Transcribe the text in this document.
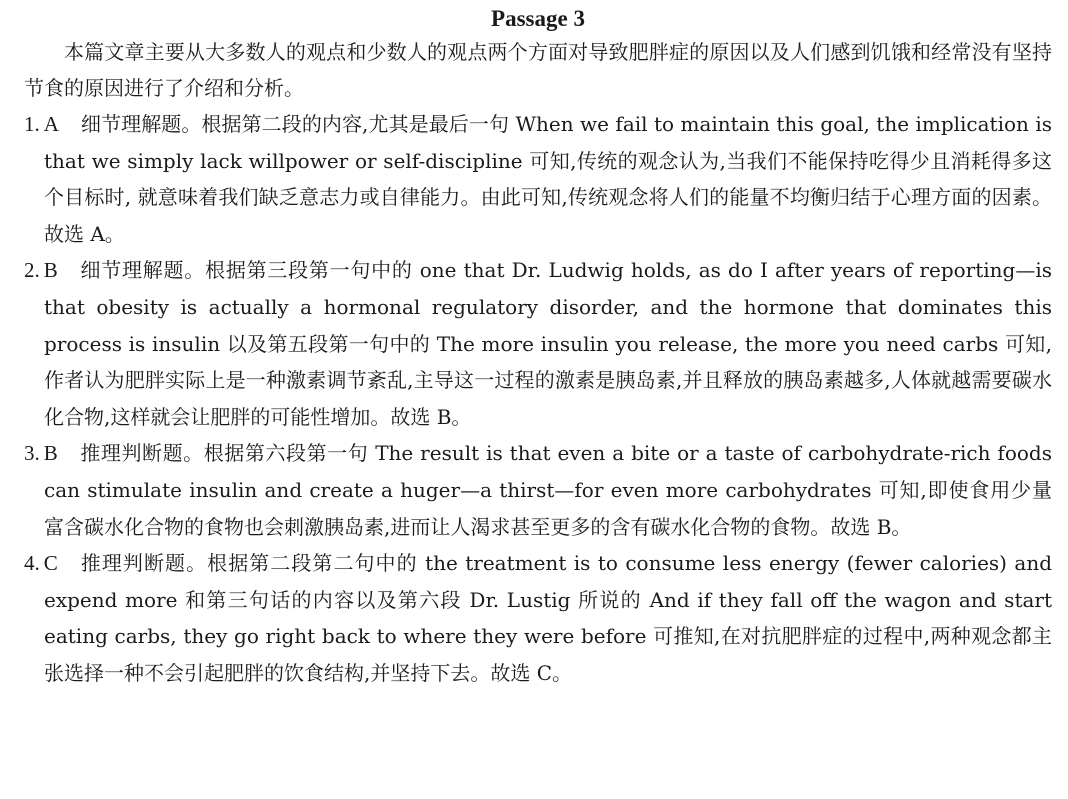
Passage 3

本篇文章主要从大多数人的观点和少数人的观点两个方面对导致肥胖症的原因以及人们感到饥饿和经常没有坚持节食的原因进行了介绍和分析。

1. A 细节理解题。根据第二段的内容,尤其是最后一句 When we fail to maintain this goal, the implication is that we simply lack willpower or self-discipline 可知,传统的观念认为,当我们不能保持吃得少且消耗得多这个目标时, 就意味着我们缺乏意志力或自律能力。由此可知,传统观念将人们的能量不均衡归结于心理方面的因素。故选 A。
2. B 细节理解题。根据第三段第一句中的 one that Dr. Ludwig holds, as do I after years of reporting—is that obesity is actually a hormonal regulatory disorder, and the hormone that dominates this process is insulin 以及第五段第一句中的 The more insulin you release, the more you need carbs 可知,作者认为肥胖实际上是一种激素调节紊乱,主导这一过程的激素是胰岛素,并且释放的胰岛素越多,人体就越需要碳水化合物,这样就会让肥胖的可能性增加。故选 B。
3. B 推理判断题。根据第六段第一句 The result is that even a bite or a taste of carbohydrate-rich foods can stimulate insulin and create a huger—a thirst—for even more carbohydrates 可知,即使食用少量富含碳水化合物的食物也会刺激胰岛素,进而让人渴求甚至更多的含有碳水化合物的食物。故选 B。
4. C 推理判断题。根据第二段第二句中的 the treatment is to consume less energy (fewer calories) and expend more 和第三句话的内容以及第六段 Dr. Lustig 所说的 And if they fall off the wagon and start eating carbs, they go right back to where they were before 可推知,在对抗肥胖症的过程中,两种观念都主张选择一种不会引起肥胖的饮食结构,并坚持下去。故选 C。
